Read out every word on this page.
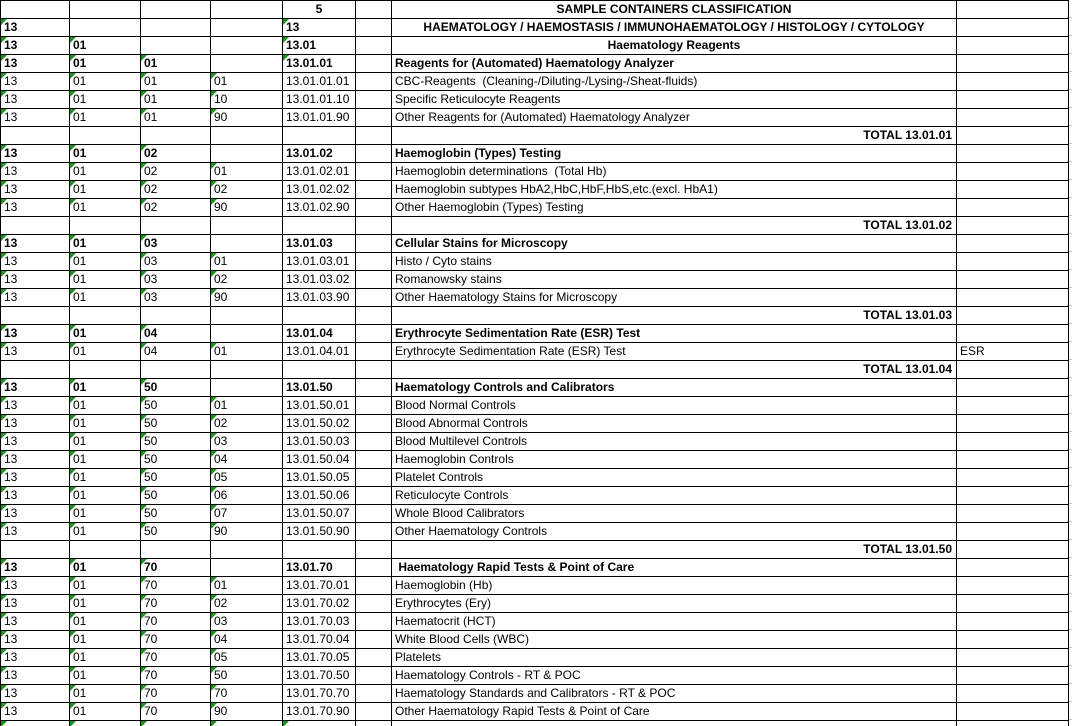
				5		SAMPLE CONTAINERS CLASSIFICATION	

13				13		HAEMATOLOGY / HAEMOSTASIS / IMMUNOHAEMATOLOGY / HISTOLOGY / CYTOLOGY	

13	01			13.01		Haematology Reagents	

13	01	01		13.01.01		Reagents for (Automated) Haematology Analyzer	

13	01	01	01	13.01.01.01		CBC-Reagents  (Cleaning-/Diluting-/Lysing-/Sheat-fluids)	

13	01	01	10	13.01.01.10		Specific Reticulocyte Reagents	

13	01	01	90	13.01.01.90		Other Reagents for (Automated) Haematology Analyzer	
						TOTAL 13.01.01	

13	01	02		13.01.02		Haemoglobin (Types) Testing	

13	01	02	01	13.01.02.01		Haemoglobin determinations  (Total Hb)	

13	01	02	02	13.01.02.02		Haemoglobin subtypes HbA2,HbC,HbF,HbS,etc.(excl. HbA1)	

13	01	02	90	13.01.02.90		Other Haemoglobin (Types) Testing	
						TOTAL 13.01.02	

13	01	03		13.01.03		Cellular Stains for Microscopy	

13	01	03	01	13.01.03.01		Histo / Cyto stains	

13	01	03	02	13.01.03.02		Romanowsky stains	

13	01	03	90	13.01.03.90		Other Haematology Stains for Microscopy	
						TOTAL 13.01.03	

13	01	04		13.01.04		Erythrocyte Sedimentation Rate (ESR) Test	

13	01	04	01	13.01.04.01		Erythrocyte Sedimentation Rate (ESR) Test	ESR
						TOTAL 13.01.04	

13	01	50		13.01.50		Haematology Controls and Calibrators	

13	01	50	01	13.01.50.01		Blood Normal Controls	

13	01	50	02	13.01.50.02		Blood Abnormal Controls	

13	01	50	03	13.01.50.03		Blood Multilevel Controls	

13	01	50	04	13.01.50.04		Haemoglobin Controls	

13	01	50	05	13.01.50.05		Platelet Controls	

13	01	50	06	13.01.50.06		Reticulocyte Controls	

13	01	50	07	13.01.50.07		Whole Blood Calibrators	

13	01	50	90	13.01.50.90		Other Haematology Controls	
						TOTAL 13.01.50	

13	01	70		13.01.70		Haematology Rapid Tests & Point of Care	

13	01	70	01	13.01.70.01		Haemoglobin (Hb)	

13	01	70	02	13.01.70.02		Erythrocytes (Ery)	

13	01	70	03	13.01.70.03		Haematocrit (HCT)	

13	01	70	04	13.01.70.04		White Blood Cells (WBC)	

13	01	70	05	13.01.70.05		Platelets	

13	01	70	50	13.01.70.50		Haematology Controls - RT & POC	

13	01	70	70	13.01.70.70		Haematology Standards and Calibrators - RT & POC	

13	01	70	90	13.01.70.90		Other Haematology Rapid Tests & Point of Care	
